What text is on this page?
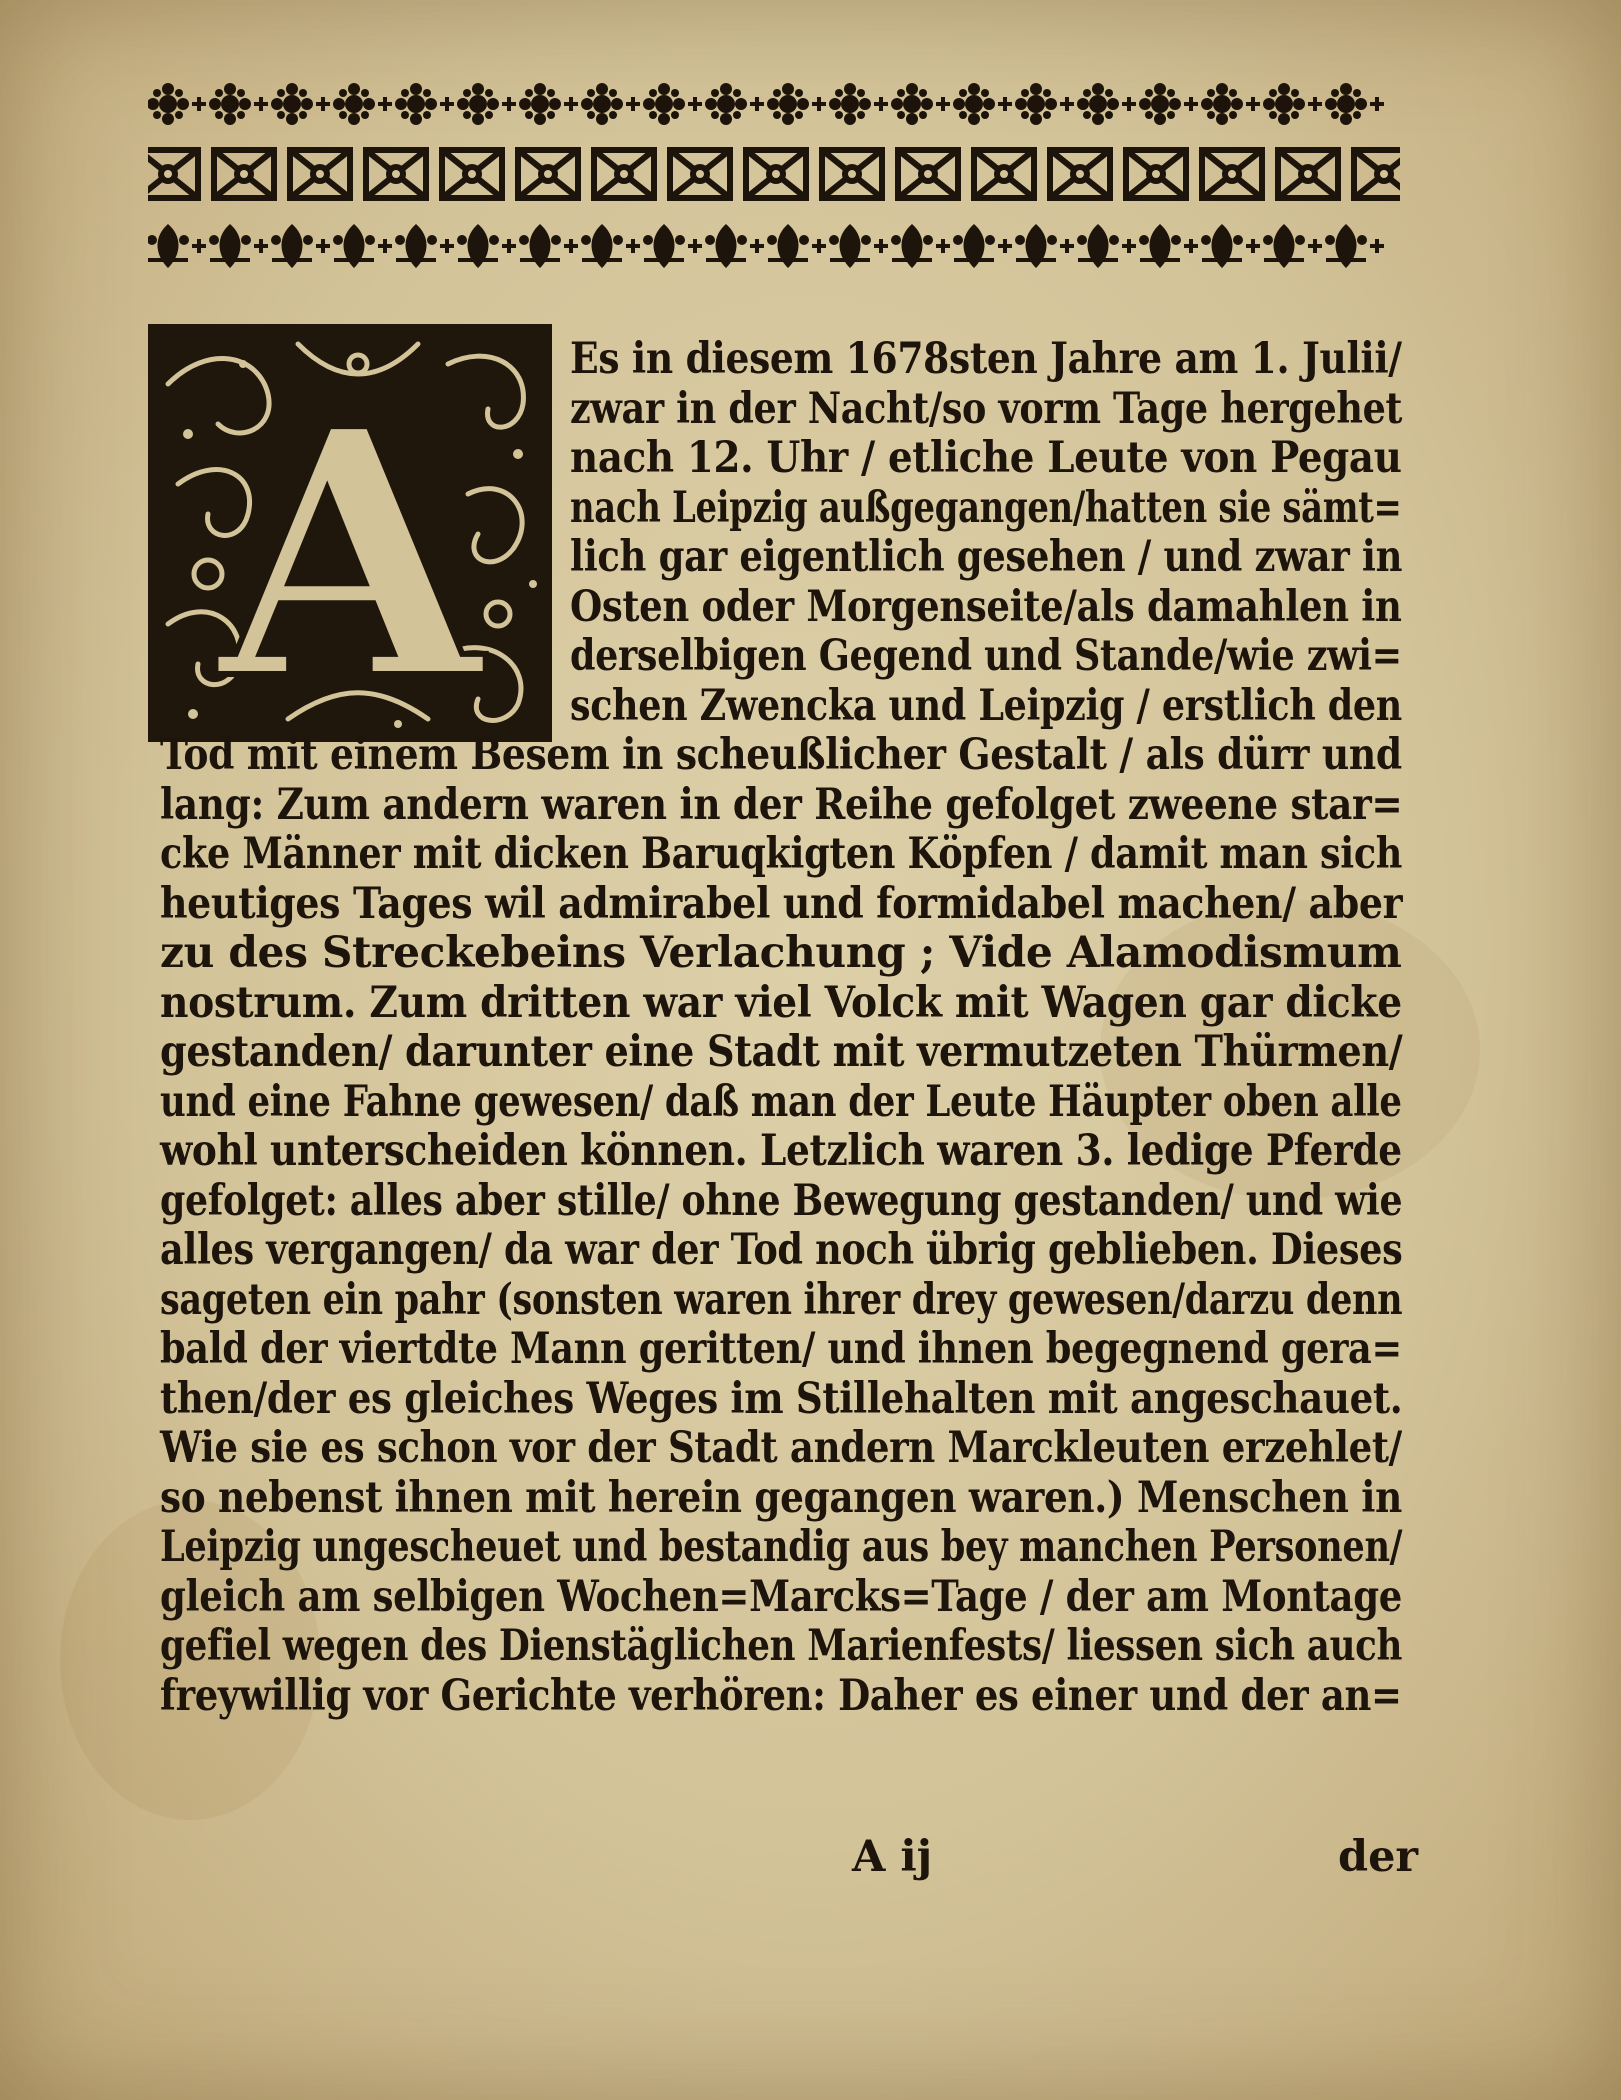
A Es in diesem 1678sten Jahre am 1. Julii/
zwar in der Nacht/so vorm Tage hergehet
nach 12. Uhr / etliche Leute von Pegau
nach Leipzig außgegangen/hatten sie sämt=
lich gar eigentlich gesehen / und zwar in
Osten oder Morgenseite/als damahlen in
derselbigen Gegend und Stande/wie zwi=
schen Zwencka und Leipzig / erstlich den
Tod mit einem Besem in scheußlicher Gestalt / als dürr und
lang: Zum andern waren in der Reihe gefolget zweene star=
cke Männer mit dicken Baruqkigten Köpfen / damit man sich
heutiges Tages wil admirabel und formidabel machen/ aber
zu des Streckebeins Verlachung ; Vide Alamodismum
nostrum. Zum dritten war viel Volck mit Wagen gar dicke
gestanden/ darunter eine Stadt mit vermutzeten Thürmen/
und eine Fahne gewesen/ daß man der Leute Häupter oben alle
wohl unterscheiden können. Letzlich waren 3. ledige Pferde
gefolget: alles aber stille/ ohne Bewegung gestanden/ und wie
alles vergangen/ da war der Tod noch übrig geblieben. Dieses
sageten ein pahr (sonsten waren ihrer drey gewesen/darzu denn
bald der viertdte Mann geritten/ und ihnen begegnend gera=
then/der es gleiches Weges im Stillehalten mit angeschauet.
Wie sie es schon vor der Stadt andern Marckleuten erzehlet/
so nebenst ihnen mit herein gegangen waren.) Menschen in
Leipzig ungescheuet und bestandig aus bey manchen Personen/
gleich am selbigen Wochen=Marcks=Tage / der am Montage
gefiel wegen des Dienstäglichen Marienfests/ liessen sich auch
freywillig vor Gerichte verhören: Daher es einer und der an=
A ij	der
